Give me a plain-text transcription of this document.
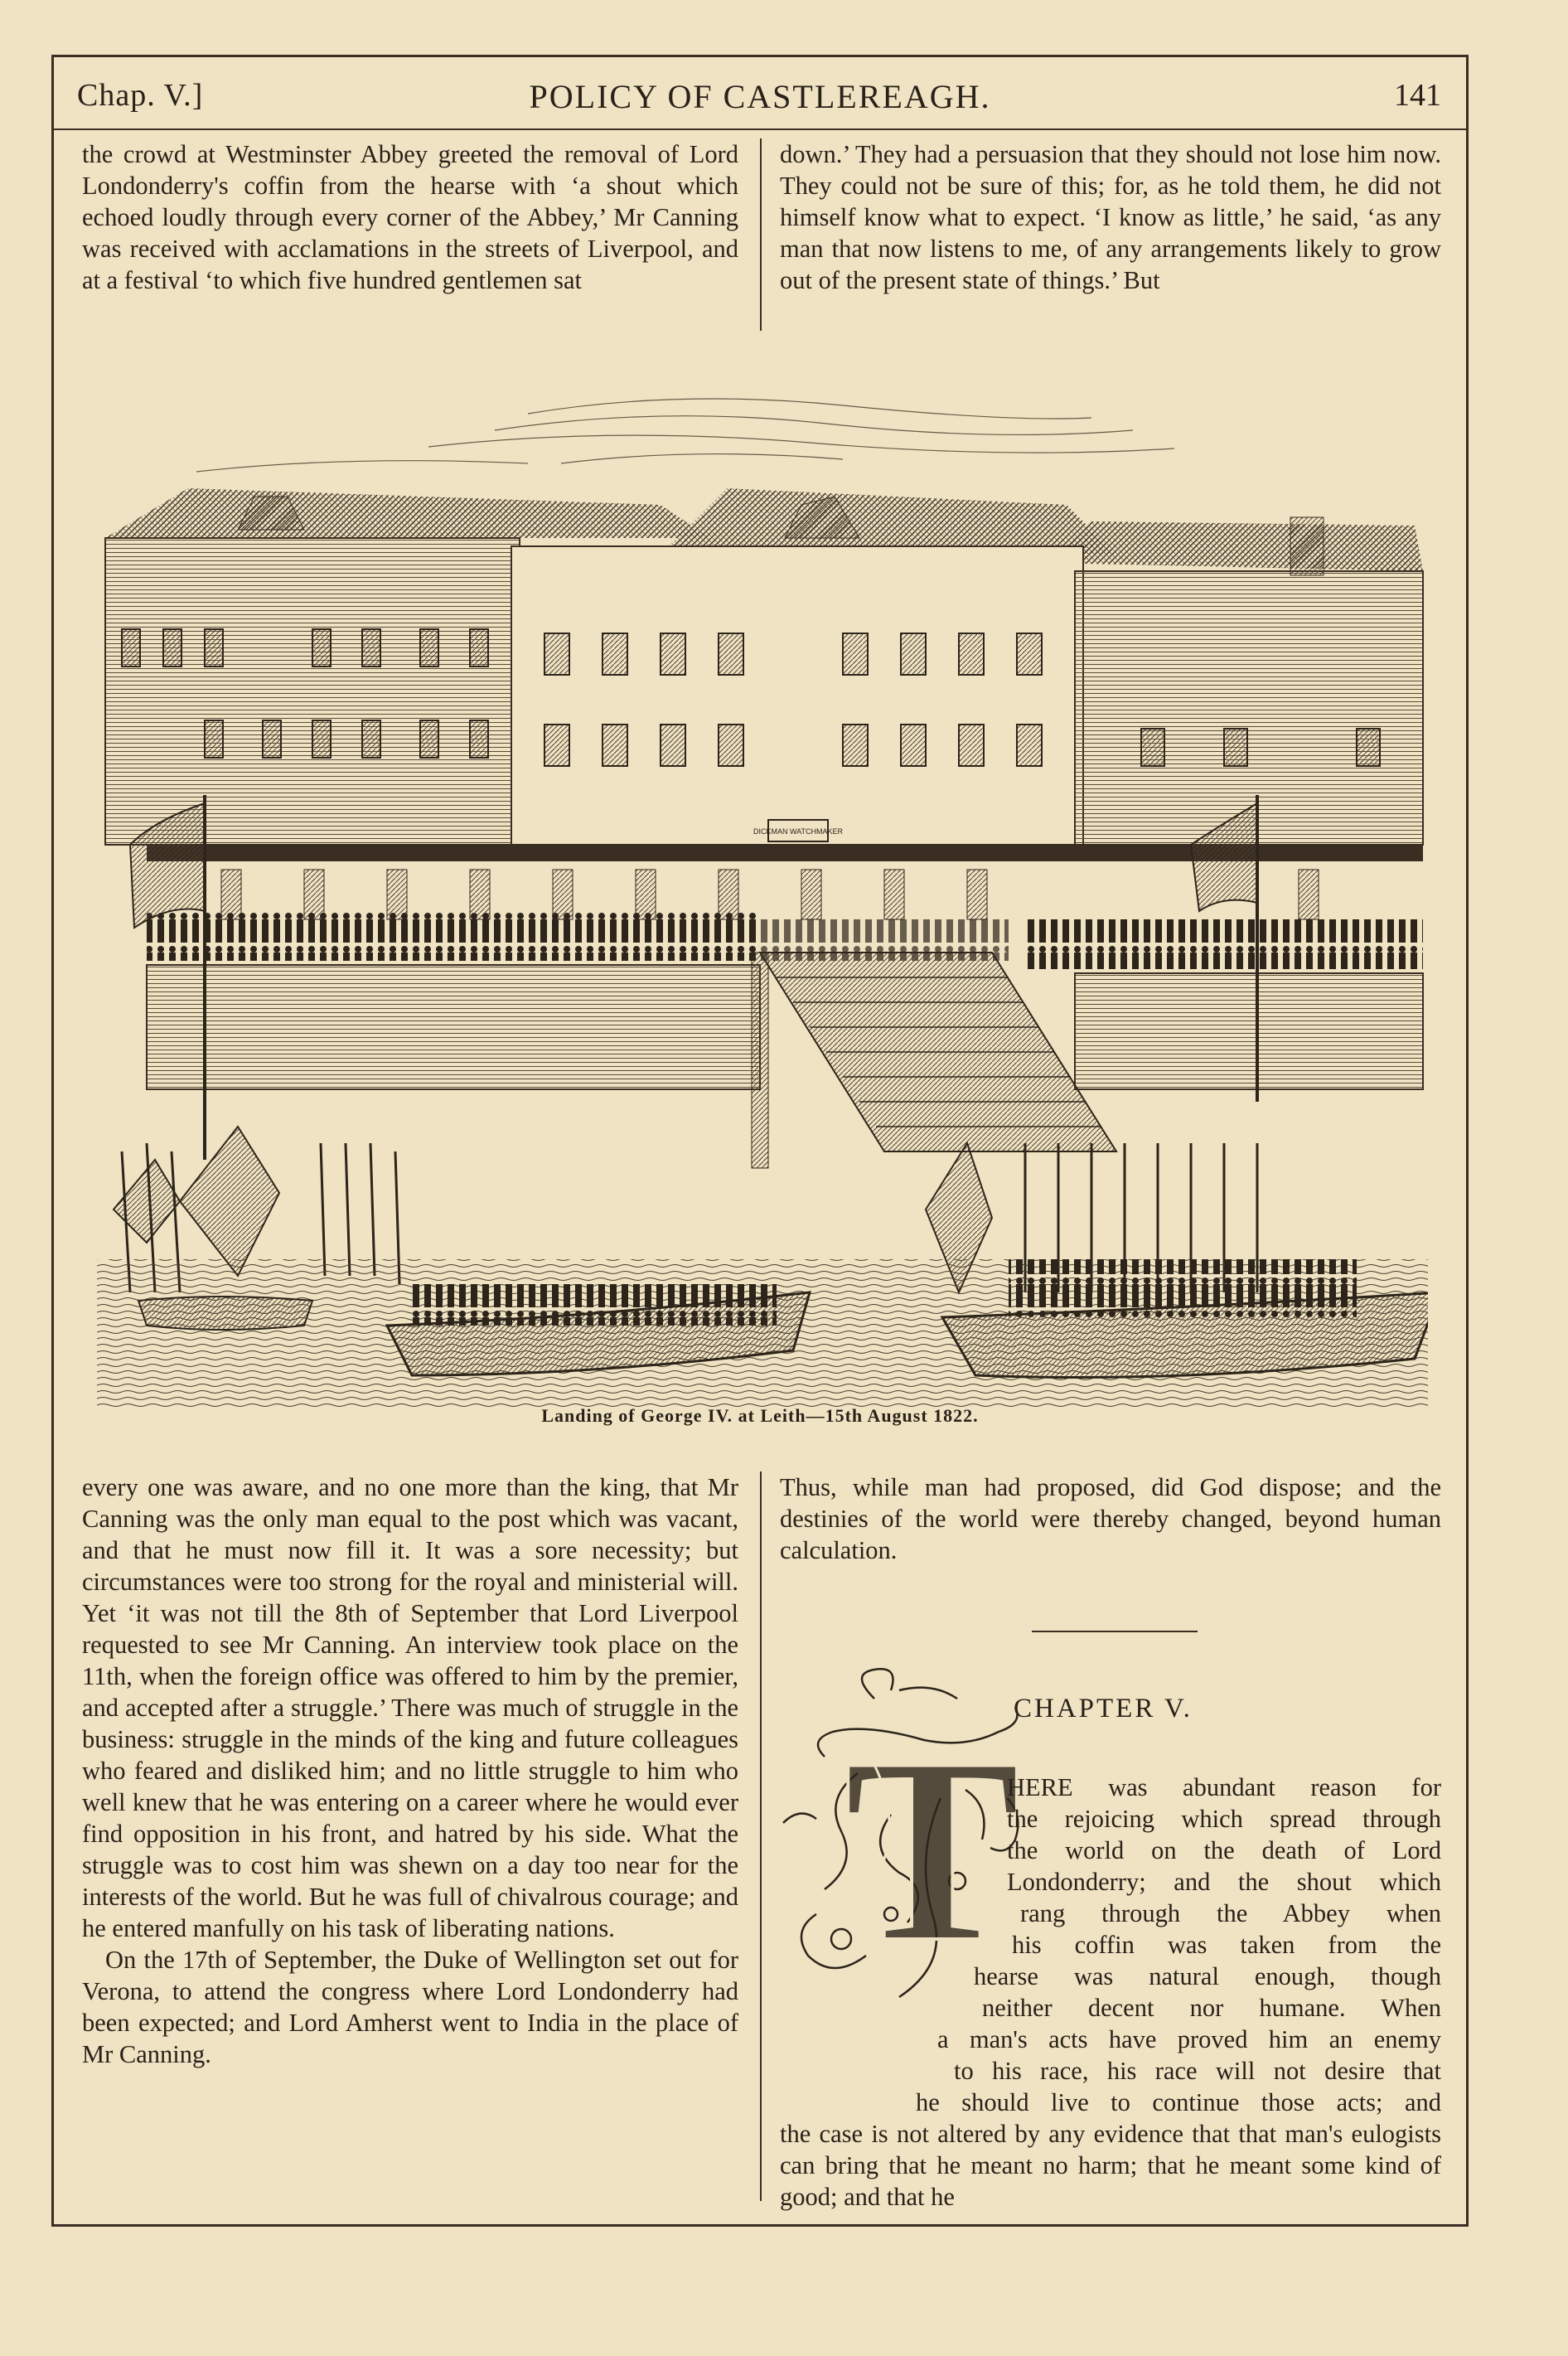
Chap. V.]	POLICY OF CASTLEREAGH.	141

the crowd at Westminster Abbey greeted the removal of Lord Londonderry's coffin from the hearse with ‘a shout which echoed loudly through every corner of the Abbey,’ Mr Canning was received with acclamations in the streets of Liverpool, and at a festival ‘to which five hundred gentlemen sat

down.’ They had a persuasion that they should not lose him now. They could not be sure of this; for, as he told them, he did not himself know what to expect. ‘I know as little,’ he said, ‘as any man that now listens to me, of any arrangements likely to grow out of the present state of things.’ But

DICKMAN WATCHMAKER
Landing of George IV. at Leith—15th August 1822.

every one was aware, and no one more than the king, that Mr Canning was the only man equal to the post which was vacant, and that he must now fill it. It was a sore necessity; but circumstances were too strong for the royal and ministerial will. Yet ‘it was not till the 8th of September that Lord Liverpool requested to see Mr Canning. An interview took place on the 11th, when the foreign office was offered to him by the premier, and accepted after a struggle.’ There was much of struggle in the business: struggle in the minds of the king and future colleagues who feared and disliked him; and no little struggle to him who well knew that he was entering on a career where he would ever find opposition in his front, and hatred by his side. What the struggle was to cost him was shewn on a day too near for the interests of the world. But he was full of chivalrous courage; and he entered manfully on his task of liberating nations.

On the 17th of September, the Duke of Wellington set out for Verona, to attend the congress where Lord Londonderry had been expected; and Lord Amherst went to India in the place of Mr Canning.

Thus, while man had proposed, did God dispose; and the destinies of the world were thereby changed, beyond human calculation.

CHAPTER V.
T
HERE was abundant reason for
the rejoicing which spread through
the world on the death of Lord
Londonderry; and the shout which
rang through the Abbey when
his coffin was taken from the
hearse was natural enough, though
neither decent nor humane. When
a man's acts have proved him an enemy
to his race, his race will not desire that
he should live to continue those acts; and

the case is not altered by any evidence that that man's eulogists can bring that he meant no harm; that he meant some kind of good; and that he
